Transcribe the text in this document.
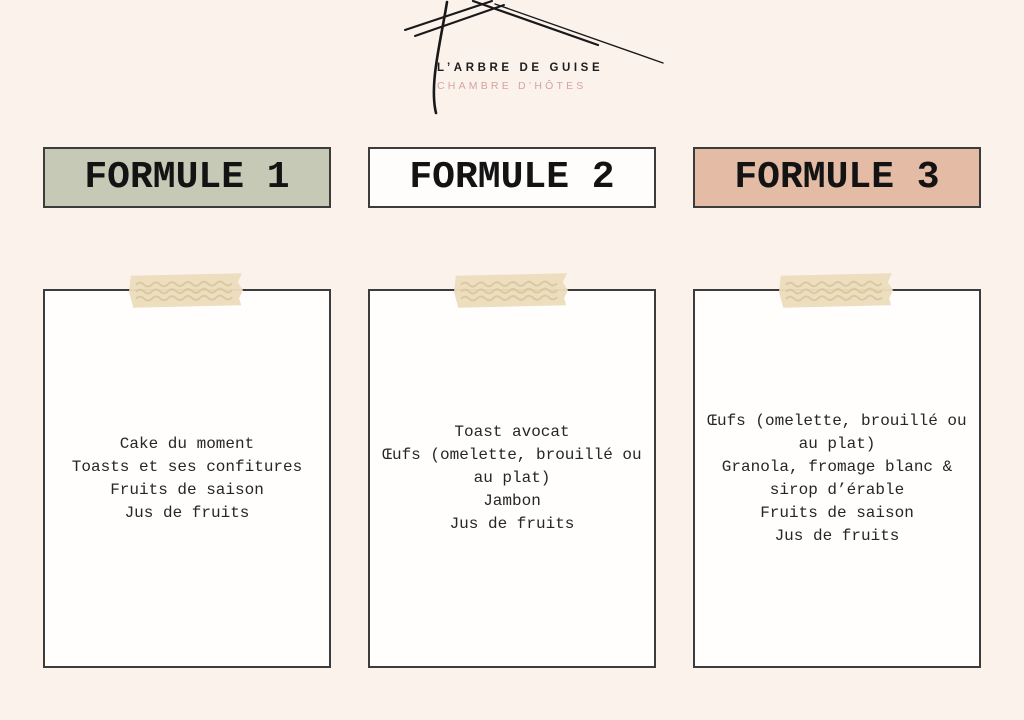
L’ARBRE DE GUISE
CHAMBRE D’HÔTES
FORMULE 1	FORMULE 2	FORMULE 3
Cake du moment
Toasts et ses confitures
Fruits de saison
Jus de fruits
Toast avocat
Œufs (omelette, brouillé ou au plat)
Jambon
Jus de fruits
Œufs (omelette, brouillé ou au plat)
Granola, fromage blanc & sirop d’érable
Fruits de saison
Jus de fruits
